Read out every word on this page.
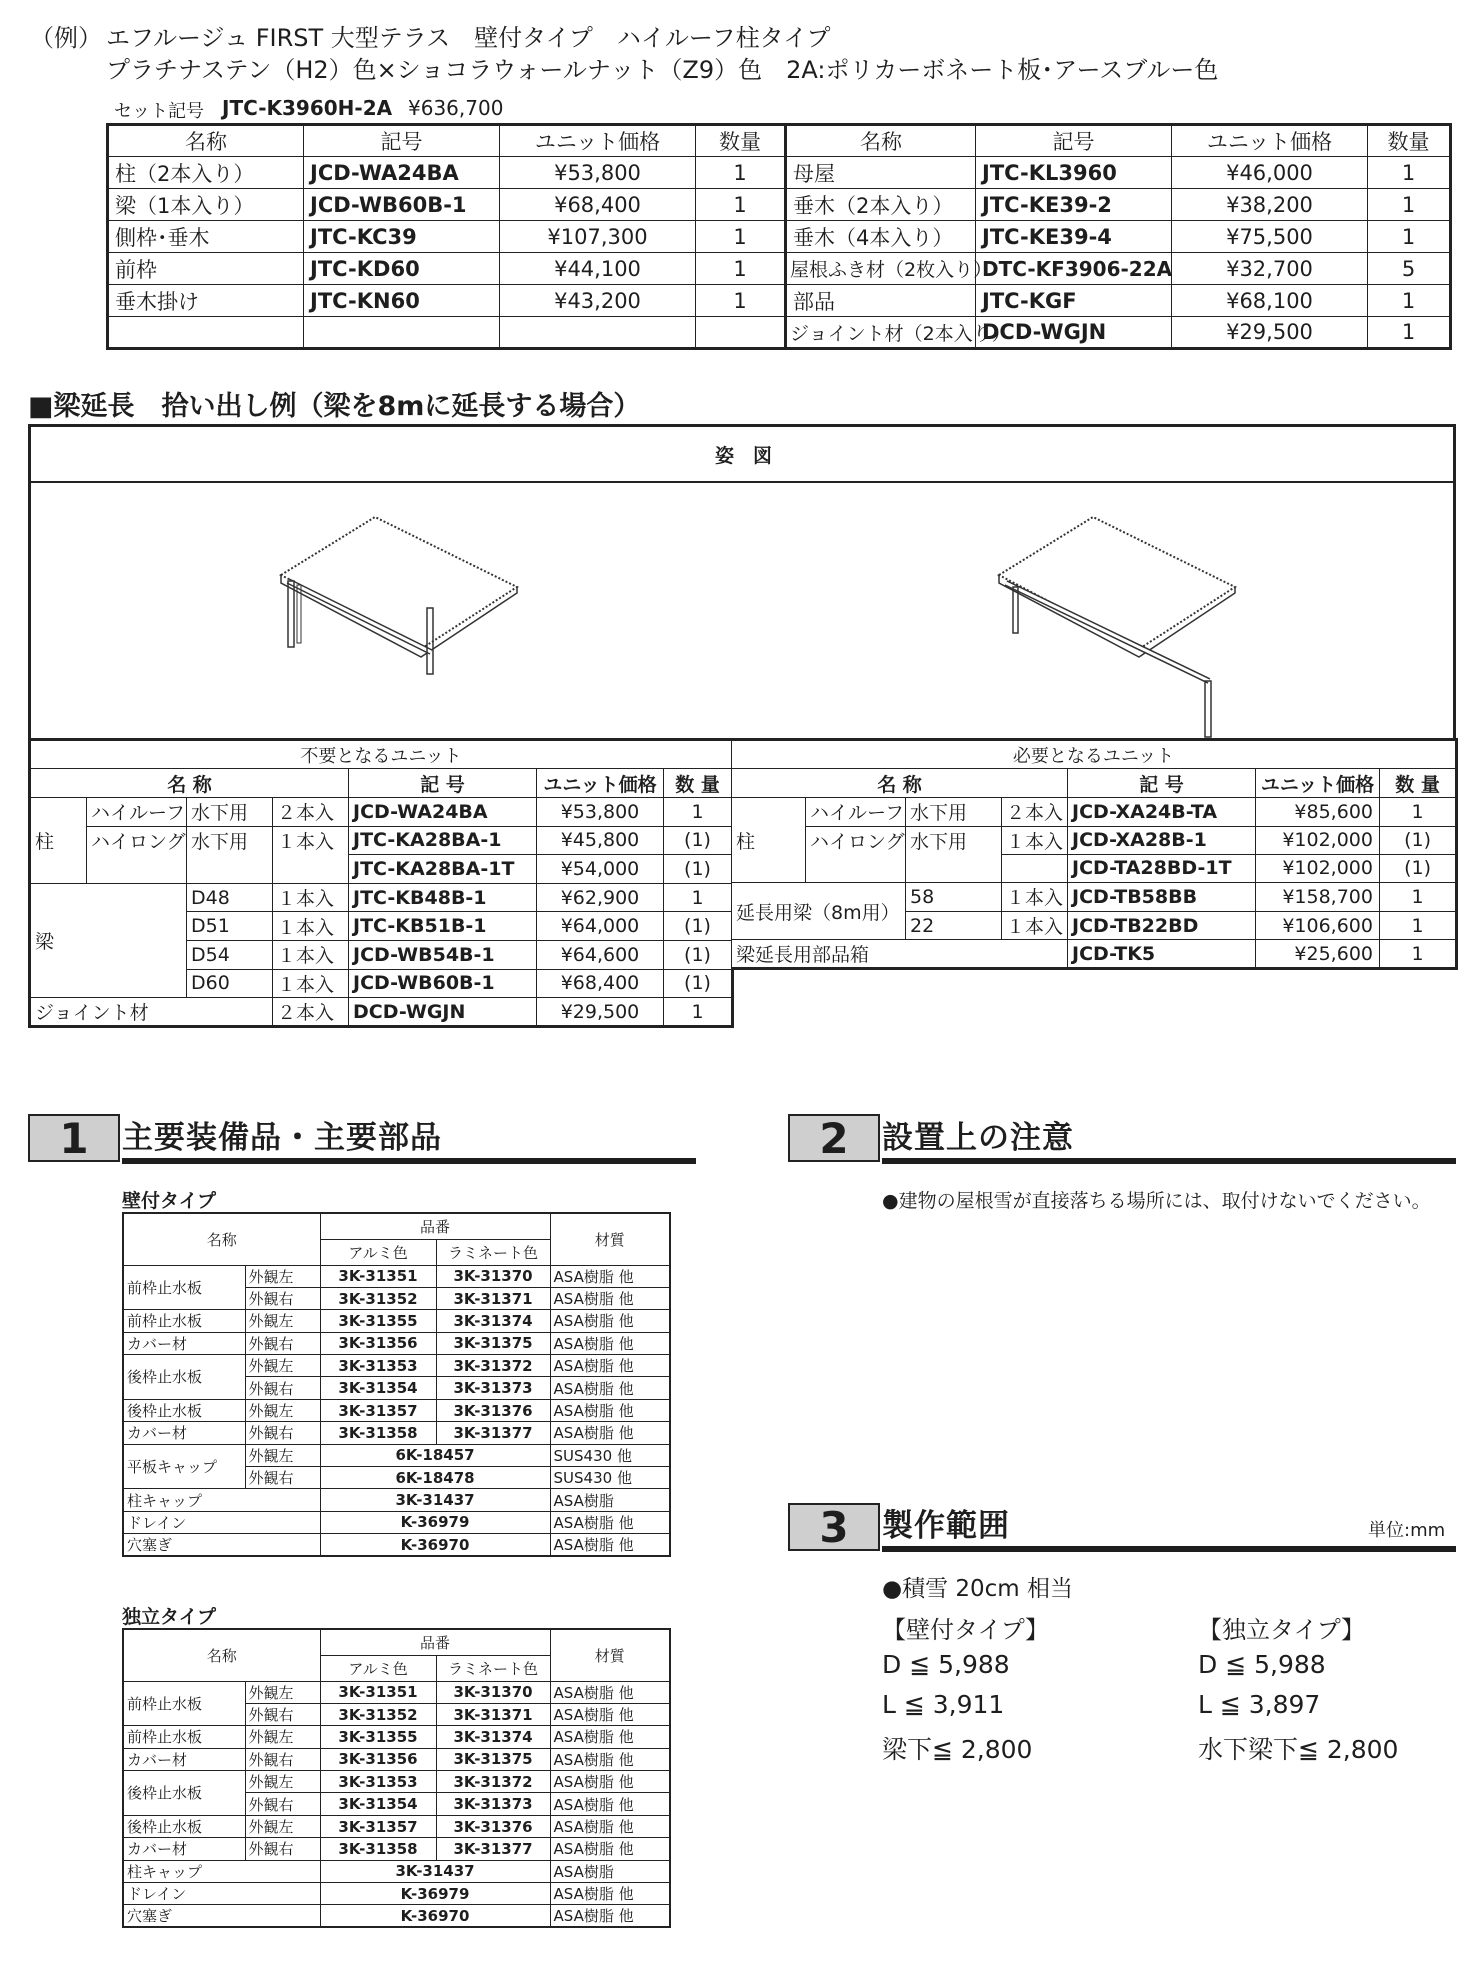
（例） エフルージュ FIRST 大型テラス　壁付タイプ　ハイルーフ柱タイプ
プラチナステン（H2）色×ショコラウォールナット（Z9）色　2A:ポリカーボネート板･アースブルー色
セット記号 JTC-K3960H-2A ¥636,700
名称	記号	ユニット価格	数量	名称	記号	ユニット価格	数量
柱（2本入り）	JCD-WA24BA	¥53,800	1	母屋	JTC-KL3960	¥46,000	1
梁（1本入り）	JCD-WB60B-1	¥68,400	1	垂木（2本入り）	JTC-KE39-2	¥38,200	1
側枠･垂木	JTC-KC39	¥107,300	1	垂木（4本入り）	JTC-KE39-4	¥75,500	1
前枠	JTC-KD60	¥44,100	1	屋根ふき材（2枚入り）	DTC-KF3906-22A	¥32,700	5
垂木掛け	JTC-KN60	¥43,200	1	部品	JTC-KGF	¥68,100	1
				ジョイント材（2本入り）	DCD-WGJN	¥29,500	1
■梁延長　拾い出し例（梁を8mに延長する場合）
姿　図
不要となるユニット						
名 称				記 号	ユニット価格	数 量
柱	ハイルーフ	水下用	２本入	JCD-WA24BA	¥53,800	1
	ハイロング	水下用	１本入	JTC-KA28BA-1	¥45,800	(1)
				JTC-KA28BA-1T	¥54,000	(1)
梁		D48	１本入	JTC-KB48B-1	¥62,900	1
		D51	１本入	JTC-KB51B-1	¥64,000	(1)
		D54	１本入	JCD-WB54B-1	¥64,600	(1)
		D60	１本入	JCD-WB60B-1	¥68,400	(1)
ジョイント材			２本入	DCD-WGJN	¥29,500	1
必要となるユニット						
名 称				記 号	ユニット価格	数 量
柱	ハイルーフ	水下用	２本入	JCD-XA24B-TA	¥85,600	1
	ハイロング	水下用	１本入	JCD-XA28B-1	¥102,000	(1)
				JCD-TA28BD-1T	¥102,000	(1)
延長用梁（8m用）		58	１本入	JCD-TB58BB	¥158,700	1
		22	１本入	JCD-TB22BD	¥106,600	1
梁延長用部品箱				JCD-TK5	¥25,600	1
1	主要装備品・主要部品
壁付タイプ
名称		品番		材質
		アルミ色	ラミネート色	
前枠止水板	外観左	3K-31351	3K-31370	ASA樹脂 他
	外観右	3K-31352	3K-31371	ASA樹脂 他
前枠止水板	外観左	3K-31355	3K-31374	ASA樹脂 他
カバー材	外観右	3K-31356	3K-31375	ASA樹脂 他
後枠止水板	外観左	3K-31353	3K-31372	ASA樹脂 他
	外観右	3K-31354	3K-31373	ASA樹脂 他
後枠止水板	外観左	3K-31357	3K-31376	ASA樹脂 他
カバー材	外観右	3K-31358	3K-31377	ASA樹脂 他
平板キャップ	外観左	6K-18457		SUS430 他
	外観右	6K-18478		SUS430 他
柱キャップ		3K-31437		ASA樹脂
ドレイン		K-36979		ASA樹脂 他
穴塞ぎ		K-36970		ASA樹脂 他
独立タイプ
名称		品番		材質
		アルミ色	ラミネート色	
前枠止水板	外観左	3K-31351	3K-31370	ASA樹脂 他
	外観右	3K-31352	3K-31371	ASA樹脂 他
前枠止水板	外観左	3K-31355	3K-31374	ASA樹脂 他
カバー材	外観右	3K-31356	3K-31375	ASA樹脂 他
後枠止水板	外観左	3K-31353	3K-31372	ASA樹脂 他
	外観右	3K-31354	3K-31373	ASA樹脂 他
後枠止水板	外観左	3K-31357	3K-31376	ASA樹脂 他
カバー材	外観右	3K-31358	3K-31377	ASA樹脂 他
柱キャップ		3K-31437		ASA樹脂
ドレイン		K-36979		ASA樹脂 他
穴塞ぎ		K-36970		ASA樹脂 他
2	設置上の注意
●建物の屋根雪が直接落ちる場所には、取付けないでください。
3	製作範囲	単位:mm
●積雪 20cm 相当
【壁付タイプ】
D ≦ 5,988
L ≦ 3,911
梁下≦ 2,800
【独立タイプ】
D ≦ 5,988
L ≦ 3,897
水下梁下≦ 2,800
